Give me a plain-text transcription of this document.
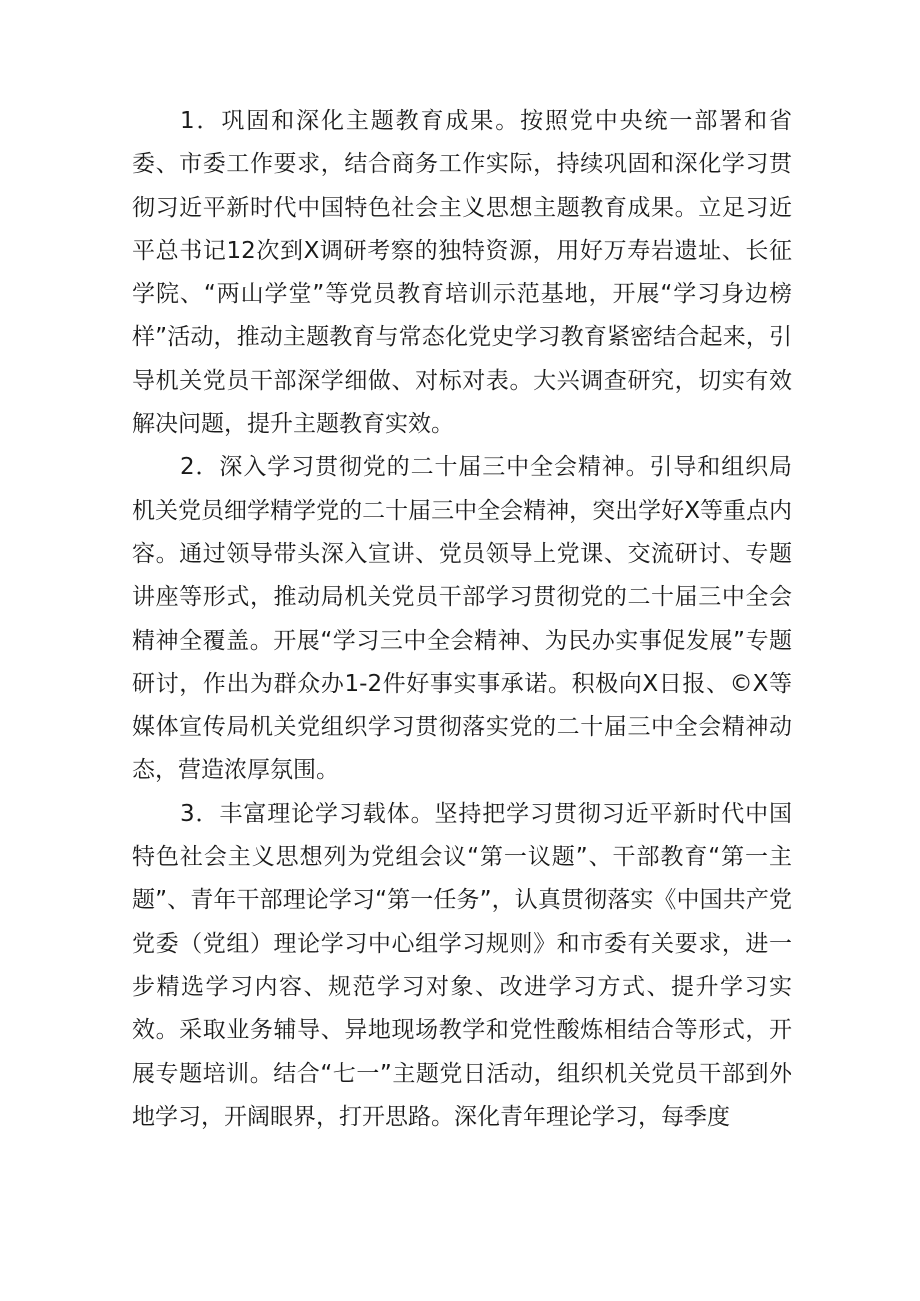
1．巩固和深化主题教育成果。按照党中央统一部署和省委、市委工作要求，结合商务工作实际，持续巩固和深化学习贯彻习近平新时代中国特色社会主义思想主题教育成果。立足习近平总书记12次到X调研考察的独特资源，用好万寿岩遗址、长征学院、“两山学堂”等党员教育培训示范基地，开展“学习身边榜样”活动，推动主题教育与常态化党史学习教育紧密结合起来，引导机关党员干部深学细做、对标对表。大兴调查研究，切实有效解决问题，提升主题教育实效。

2．深入学习贯彻党的二十届三中全会精神。引导和组织局机关党员细学精学党的二十届三中全会精神，突出学好X等重点内容。通过领导带头深入宣讲、党员领导上党课、交流研讨、专题讲座等形式，推动局机关党员干部学习贯彻党的二十届三中全会精神全覆盖。开展“学习三中全会精神、为民办实事促发展”专题研讨，作出为群众办1-2件好事实事承诺。积极向X日报、©X等媒体宣传局机关党组织学习贯彻落实党的二十届三中全会精神动态，营造浓厚氛围。

3．丰富理论学习载体。坚持把学习贯彻习近平新时代中国特色社会主义思想列为党组会议“第一议题”、干部教育“第一主题”、青年干部理论学习“第一任务”，认真贯彻落实《中国共产党党委（党组）理论学习中心组学习规则》和市委有关要求，进一步精选学习内容、规范学习对象、改进学习方式、提升学习实效。采取业务辅导、异地现场教学和党性酸炼相结合等形式，开展专题培训。结合“七一”主题党日活动，组织机关党员干部到外地学习，开阔眼界，打开思路。深化青年理论学习，每季度
